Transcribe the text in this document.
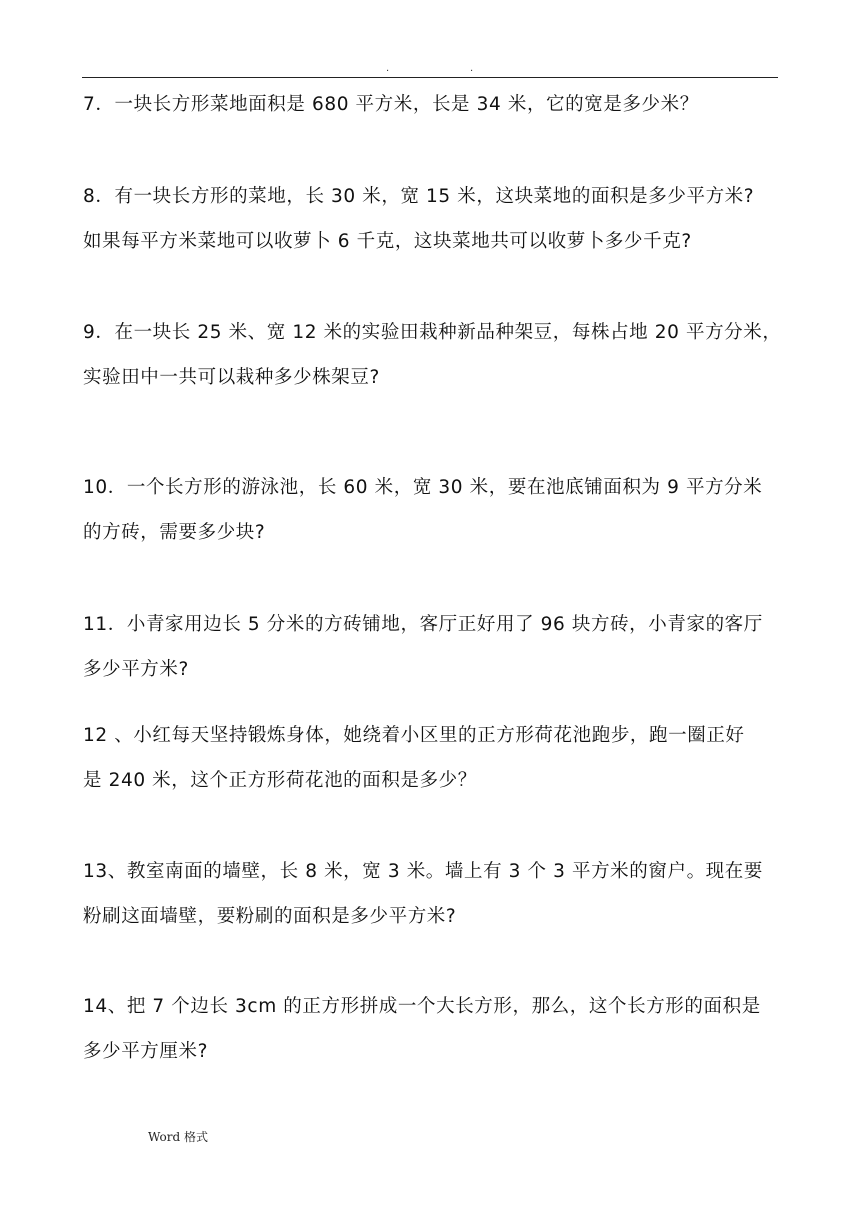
.	.
7．一块长方形菜地面积是 680 平方米，长是 34 米，它的宽是多少米？
8．有一块长方形的菜地，长 30 米，宽 15 米，这块菜地的面积是多少平方米?
如果每平方米菜地可以收萝卜 6 千克，这块菜地共可以收萝卜多少千克?
9．在一块长 25 米、宽 12 米的实验田栽种新品种架豆，每株占地 20 平方分米，
实验田中一共可以栽种多少株架豆?
10．一个长方形的游泳池，长 60 米，宽 30 米，要在池底铺面积为 9 平方分米
的方砖，需要多少块?
11．小青家用边长 5 分米的方砖铺地，客厅正好用了 96 块方砖，小青家的客厅
多少平方米?
12 、小红每天坚持锻炼身体，她绕着小区里的正方形荷花池跑步，跑一圈正好
是 240 米，这个正方形荷花池的面积是多少？
13、教室南面的墙壁，长 8 米，宽 3 米。墙上有 3 个 3 平方米的窗户。现在要
粉刷这面墙壁，要粉刷的面积是多少平方米?
14、把 7 个边长 3cm 的正方形拼成一个大长方形，那么，这个长方形的面积是
多少平方厘米?
Word 格式
